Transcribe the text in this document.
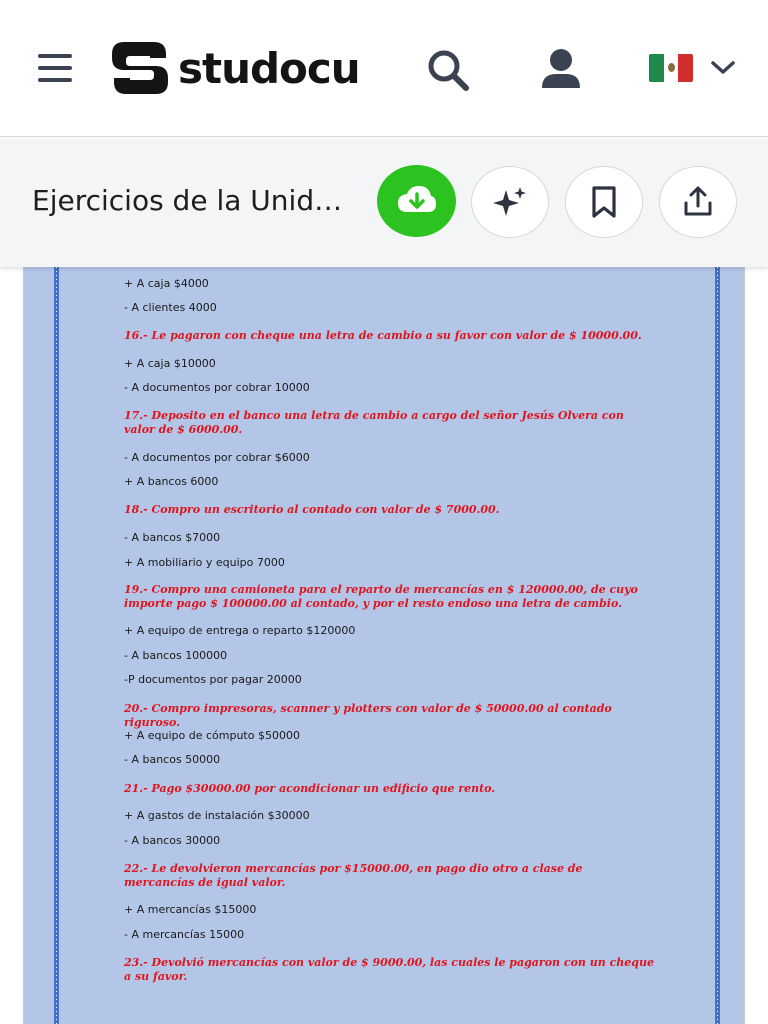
studocu
Ejercicios de la Unid…
+ A caja $4000
- A clientes 4000
16.- Le pagaron con cheque una letra de cambio a su favor con valor de $ 10000.00.
+ A caja $10000
- A documentos por cobrar 10000
17.- Deposito en el banco una letra de cambio a cargo del señor Jesús Olvera con valor de $ 6000.00.
- A documentos por cobrar $6000
+ A bancos 6000
18.- Compro un escritorio al contado con valor de $ 7000.00.
- A bancos $7000
+ A mobiliario y equipo 7000
19.- Compro una camioneta para el reparto de mercancías en $ 120000.00, de cuyo importe pago $ 100000.00 al contado, y por el resto endoso una letra de cambio.
+ A equipo de entrega o reparto $120000
- A bancos 100000
-P documentos por pagar 20000
20.- Compro impresoras, scanner y plotters con valor de $ 50000.00 al contado riguroso.
+ A equipo de cómputo $50000
- A bancos 50000
21.- Pago $30000.00 por acondicionar un edificio que rento.
+ A gastos de instalación $30000
- A bancos 30000
22.- Le devolvieron mercancías por $15000.00, en pago dio otro a clase de mercancías de igual valor.
+ A mercancías $15000
- A mercancías 15000
23.- Devolvió mercancías con valor de $ 9000.00, las cuales le pagaron con un cheque a su favor.
